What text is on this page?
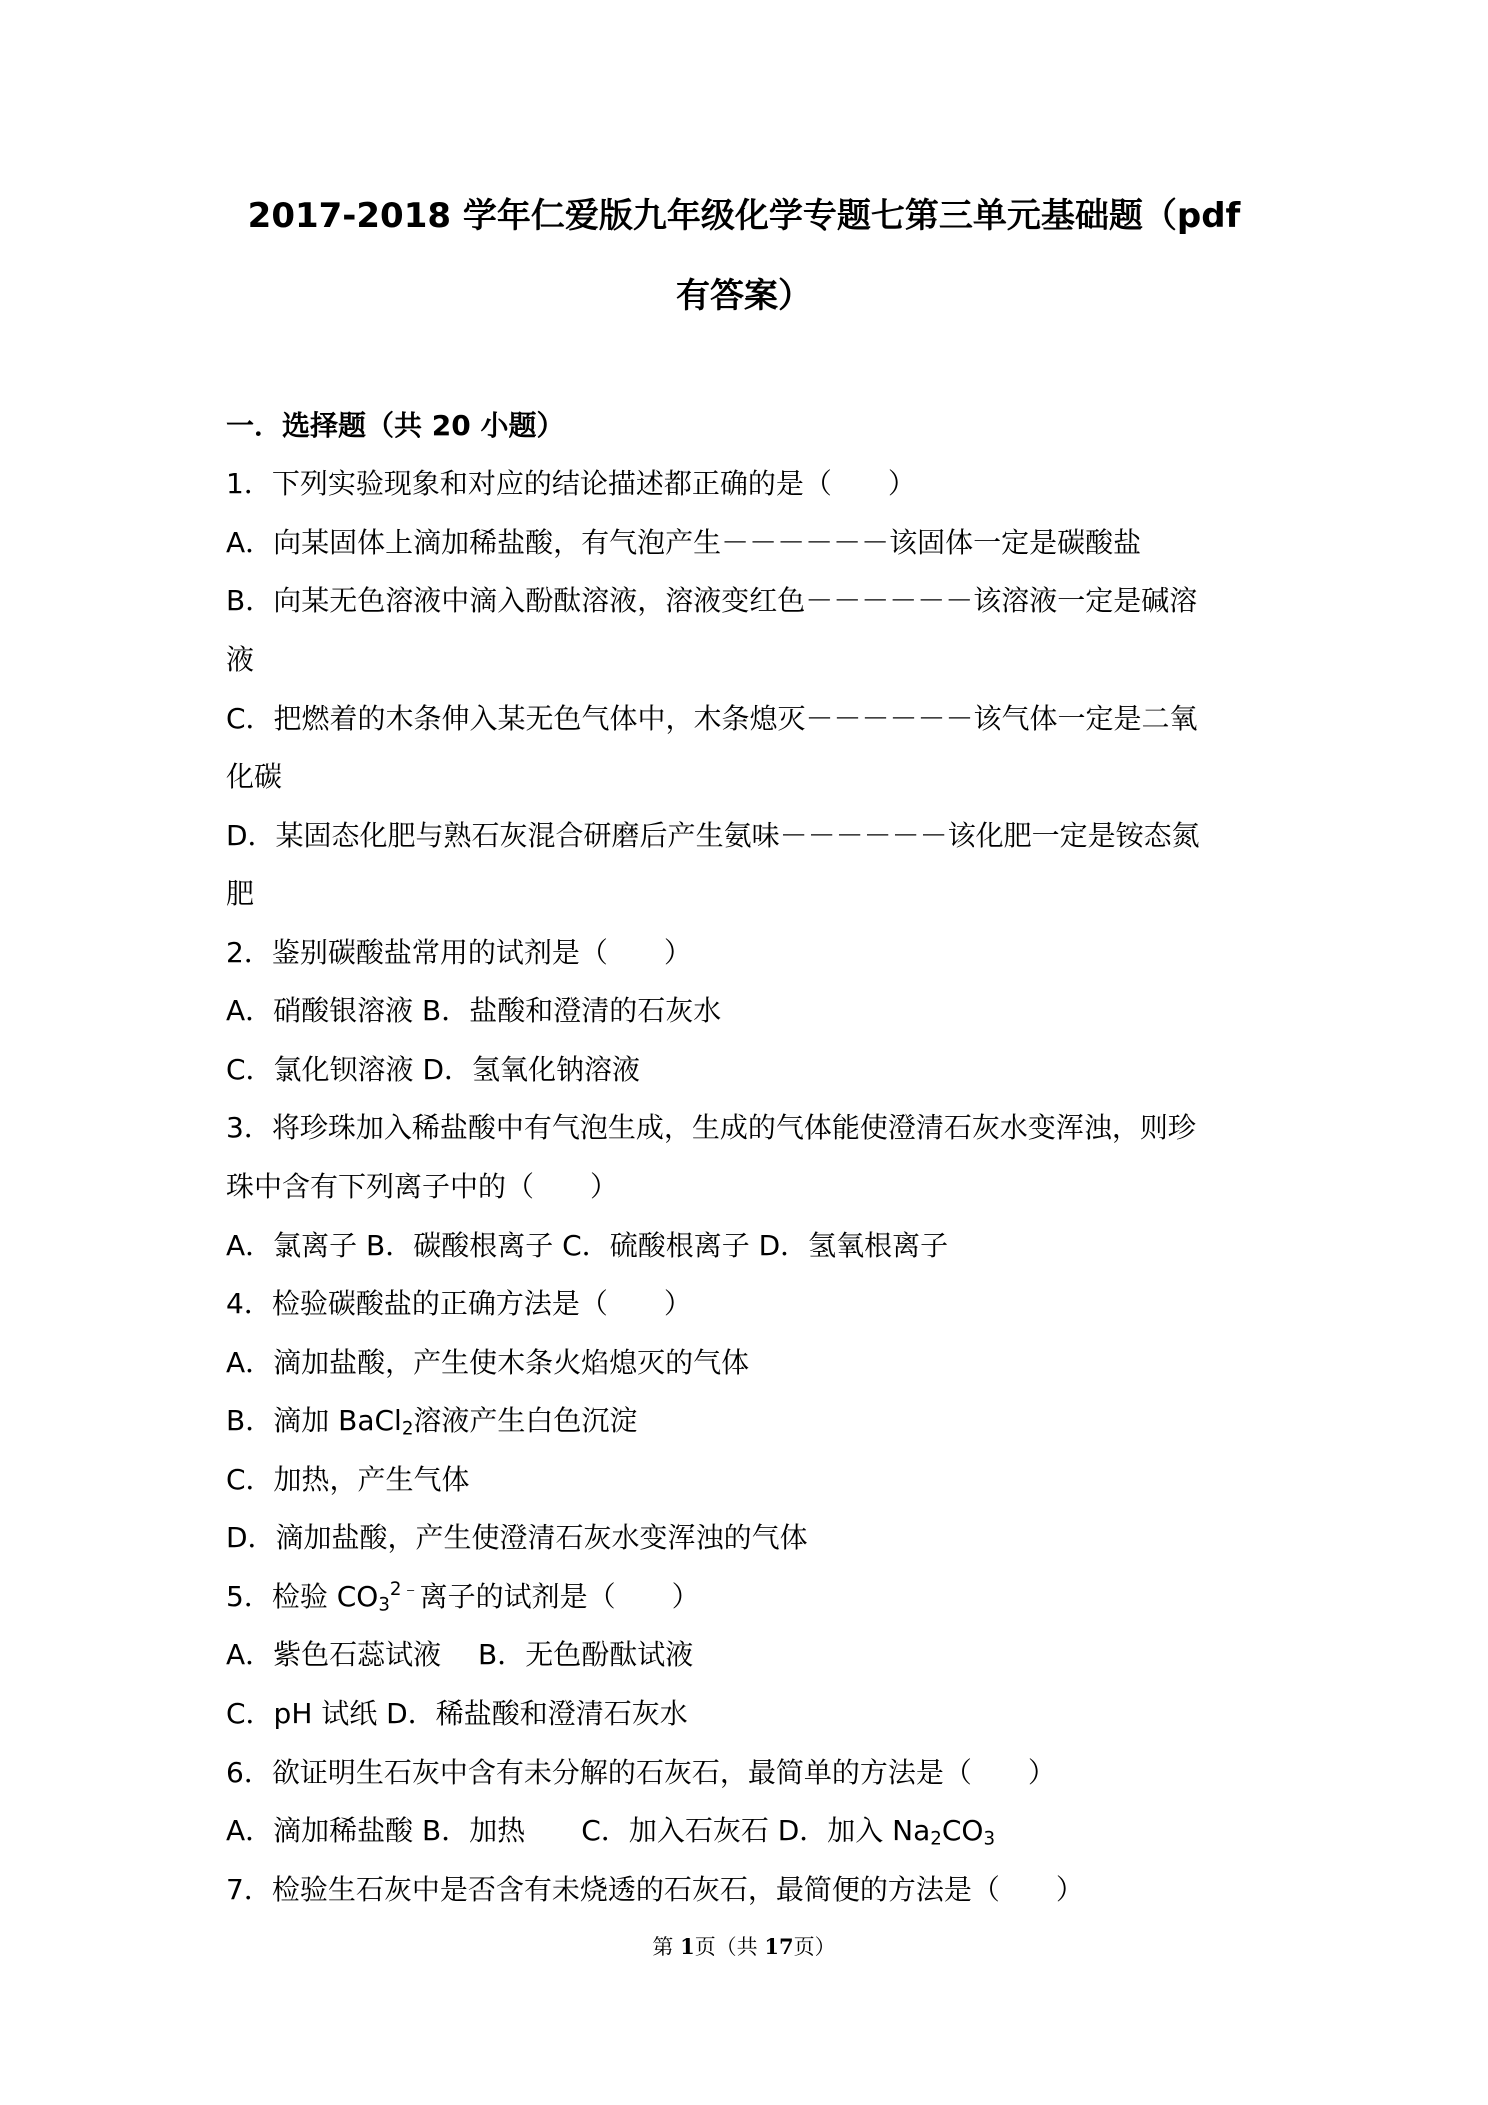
2017-2018 学年仁爱版九年级化学专题七第三单元基础题（pdf
有答案）
一．选择题（共 20 小题）
1．下列实验现象和对应的结论描述都正确的是（　　）
A．向某固体上滴加稀盐酸，有气泡产生－－－－－－该固体一定是碳酸盐
B．向某无色溶液中滴入酚酞溶液，溶液变红色－－－－－－该溶液一定是碱溶
液
C．把燃着的木条伸入某无色气体中，木条熄灭－－－－－－该气体一定是二氧
化碳
D．某固态化肥与熟石灰混合研磨后产生氨味－－－－－－该化肥一定是铵态氮
肥
2．鉴别碳酸盐常用的试剂是（　　）
A．硝酸银溶液 B．盐酸和澄清的石灰水
C．氯化钡溶液 D．氢氧化钠溶液
3．将珍珠加入稀盐酸中有气泡生成，生成的气体能使澄清石灰水变浑浊，则珍
珠中含有下列离子中的（　　）
A．氯离子 B．碳酸根离子 C．硫酸根离子 D．氢氧根离子
4．检验碳酸盐的正确方法是（　　）
A．滴加盐酸，产生使木条火焰熄灭的气体
B．滴加 BaCl$_2$溶液产生白色沉淀
C．加热，产生气体
D．滴加盐酸，产生使澄清石灰水变浑浊的气体
5．检验 $CO_3^{2﹣}$离子的试剂是（　　）
A．紫色石蕊试液　 B．无色酚酞试液
C．pH 试纸 D．稀盐酸和澄清石灰水
6．欲证明生石灰中含有未分解的石灰石，最简单的方法是（　　）
A．滴加稀盐酸 B．加热　　C．加入石灰石 D．加入 $Na_2CO_3$
7．检验生石灰中是否含有未烧透的石灰石，最简便的方法是（　　）
第 1页（共 17页）
